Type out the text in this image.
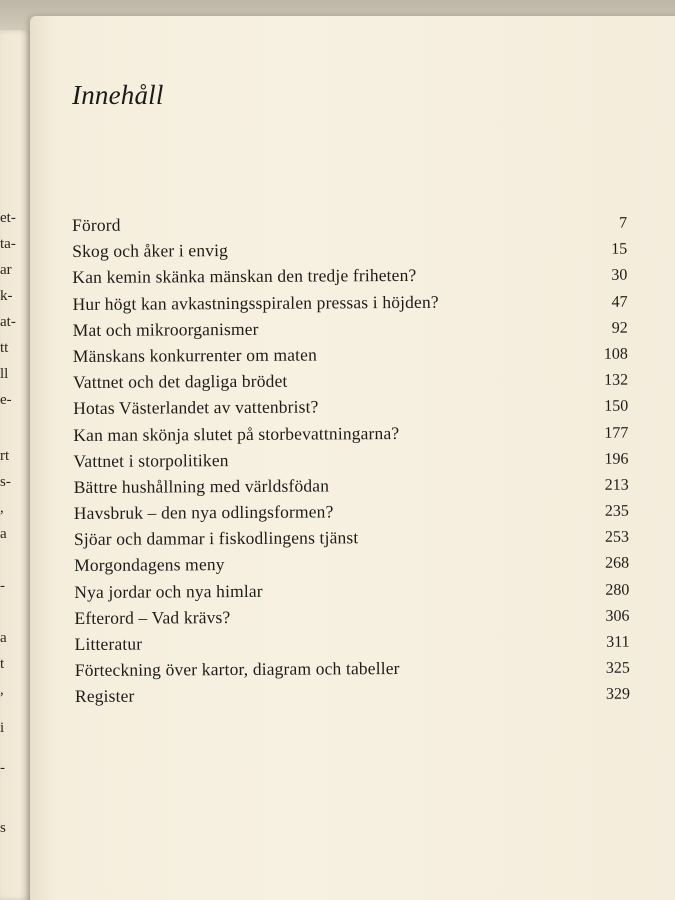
et-
ta-
ar
k-
at-
tt
ll
e-
rt
s-
,
a
-
a
t
,
i
-
s
Innehåll
Förord	7
Skog och åker i envig	15
Kan kemin skänka mänskan den tredje friheten?	30
Hur högt kan avkastningsspiralen pressas i höjden?	47
Mat och mikroorganismer	92
Mänskans konkurrenter om maten	108
Vattnet och det dagliga brödet	132
Hotas Västerlandet av vattenbrist?	150
Kan man skönja slutet på storbevattningarna?	177
Vattnet i storpolitiken	196
Bättre hushållning med världsfödan	213
Havsbruk – den nya odlingsformen?	235
Sjöar och dammar i fiskodlingens tjänst	253
Morgondagens meny	268
Nya jordar och nya himlar	280
Efterord – Vad krävs?	306
Litteratur	311
Förteckning över kartor, diagram och tabeller	325
Register	329
